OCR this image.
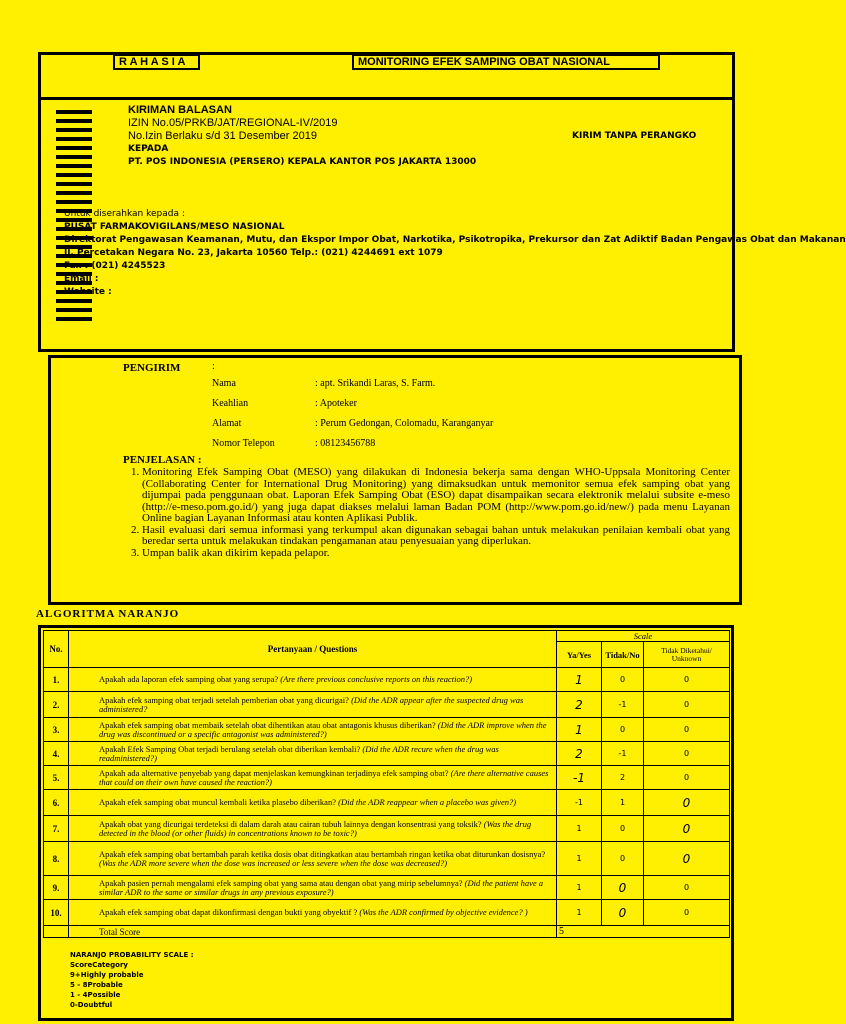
R A H A S I A	MONITORING EFEK SAMPING OBAT NASIONAL
KIRIMAN BALASAN
IZIN No.05/PRKB/JAT/REGIONAL-IV/2019
No.Izin Berlaku s/d 31 Desember 2019	KIRIM TANPA PERANGKO
KEPADA
PT. POS INDONESIA (PERSERO) KEPALA KANTOR POS JAKARTA 13000
Untuk diserahkan kepada :
PUSAT FARMAKOVIGILANS/MESO NASIONAL
Direktorat Pengawasan Keamanan, Mutu, dan Ekspor Impor Obat, Narkotika, Psikotropika, Prekursor dan Zat Adiktif Badan Pengawas Obat dan Makanan
Jl. Percetakan Negara No. 23, Jakarta 10560 Telp.: (021) 4244691 ext 1079
Fax : (021) 4245523
Email :
Website :
PENGIRIM	:
Nama	: apt. Srikandi Laras, S. Farm.
Keahlian	: Apoteker
Alamat	: Perum Gedongan, Colomadu, Karanganyar
Nomor Telepon	: 08123456788
PENJELASAN :
1. Monitoring Efek Samping Obat (MESO) yang dilakukan di Indonesia bekerja sama dengan WHO-Uppsala Monitoring Center (Collaborating Center for International Drug Monitoring) yang dimaksudkan untuk memonitor semua efek samping obat yang dijumpai pada penggunaan obat. Laporan Efek Samping Obat (ESO) dapat disampaikan secara elektronik melalui subsite e-meso (http://e-meso.pom.go.id/) yang juga dapat diakses melalui laman Badan POM (http://www.pom.go.id/new/) pada menu Layanan Online bagian Layanan Informasi atau konten Aplikasi Publik.
2. Hasil evaluasi dari semua informasi yang terkumpul akan digunakan sebagai bahan untuk melakukan penilaian kembali obat yang beredar serta untuk melakukan tindakan pengamanan atau penyesuaian yang diperlukan.
3. Umpan balik akan dikirim kepada pelapor.
ALGORITMA NARANJO
No.	Pertanyaan / Questions	Scale		
		Ya/Yes	Tidak/No	Tidak Diketahui/ Unknown
1.	Apakah ada laporan efek samping obat yang serupa? (Are there previous conclusive reports on this reaction?)	1	0	0
2.	Apakah efek samping obat terjadi setelah pemberian obat yang dicurigai? (Did the ADR appear after the suspected drug was administered?	2	-1	0
3.	Apakah efek samping obat membaik setelah obat dihentikan atau obat antagonis khusus diberikan? (Did the ADR improve when the drug was discontinued or a specific antagonist was administered?)	1	0	0
4.	Apakah Efek Samping Obat terjadi berulang setelah obat diberikan kembali? (Did the ADR recure when the drug was readministered?)	2	-1	0
5.	Apakah ada alternative penyebab yang dapat menjelaskan kemungkinan terjadinya efek samping obat? (Are there alternative causes that could on their own have caused the reaction?)	-1	2	0
6.	Apakah efek samping obat muncul kembali ketika plasebo diberikan? (Did the ADR reappear when a placebo was given?)	-1	1	0
7.	Apakah obat yang dicurigai terdeteksi di dalam darah atau cairan tubuh lainnya dengan konsentrasi yang toksik? (Was the drug detected in the blood (or other fluids) in concentrations known to be toxic?)	1	0	0
8.	Apakah efek samping obat bertambah parah ketika dosis obat ditingkatkan atau bertambah ringan ketika obat diturunkan dosisnya? (Was the ADR more severe when the dose was increased or less severe when the dose was decreased?)	1	0	0
9.	Apakah pasien pernah mengalami efek samping obat yang sama atau dengan obat yang mirip sebelumnya? (Did the patient have a similar ADR to the same or similar drugs in any previous exposure?)	1	0	0
10.	Apakah efek samping obat dapat dikonfirmasi dengan bukti yang obyektif ? (Was the ADR confirmed by objective evidence? )	1	0	0
	Total Score	5		
NARANJO PROBABILITY SCALE :
ScoreCategory
9+Highly probable
5 - 8Probable
1 - 4Possible
0-Doubtful
